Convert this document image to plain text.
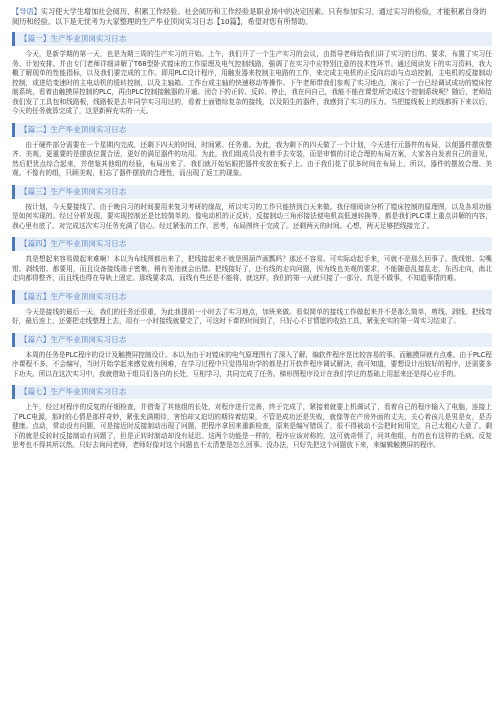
【导语】实习使大学生增加社会阅历、积累工作经验。社会阅历和工作经验是职业场中的决定因素。只有参加实习、通过实习的检验，才能积累自身的阅历和经验。以下是无忧考为大家整理的生产毕业顶岗实习日志【10篇】，希望对您有所帮助。
【篇一】生产毕业顶岗实习日志

今天，是新学期的第一天，也是为期三周的生产实习的开始。上午，我们开了一个生产实习的会议，由指导老师给我们讲了实习的目的、要求，布置了实习任务、计划安排。并由专门老师详细讲解了T68型卧式镗床的工作原理及电气控制线路，强调了在实习中应特别注意的技术性环节。通过阅读发下的实习资料，我大概了解现单的性能指标，以及我们要完成的工作。即用PLC设计程序，用触发器来控制主电路的工作，来完成主电机的正反向启动与点动控制，主电机的反接制动控制，或进给变速时的主电动机的缓转控制，以及主轴箱、工作台或主轴的快速移动等操作。下午老师带我们参观了实习地点，演示了一台已经调试成功的镗床控制系统，看着由触摸屏控制的PLC，再由PLC控制接触器的开通、闭合下的正转、反转、停止，我在问自己，我能不能在课堂所完成这个控制系统呢？随后，老师给我们发了工具包和线路板，线路板是去年同学实习用过的，看着上面错综复杂的接线，以及陌生的器件，我感到了实习的压力。当把接线板上的线都拆下来以后，今天的任务就算完成了，这是新鲜充实的一天。

【篇二】生产毕业顶岗实习日志

由于硬件部分需要在一个星期内完成，还剩下四天的时间，时间紧、任务重。为此，我为剩下的四天做了一个计划，今天进行元器件的布局，以便器件摆放整齐、美观，更重要的是摆放位置合适，更好的满足器件的功用。为此，我们组成员没有着手去安装，而是审慎的讨论合理的布局方案，大家各自发表自己的意见，然后把优点综合起来，并借鉴其他组的经验，布局出来了。我们就开始钻眼把器件安放在板子上。由于我们花了很多时间在布局上，所以，器件的摆放合理、美观。不像有的组，只顾美观，但忘了器件摆放的合理性，而出现了返工的现象。

【篇三】生产毕业顶岗实习日志

按计划，今天要接线了。由于晚自习的时间要用来复习考研的缘故，所以实习的工作只能挤到白天来做。我仔细阅读分析了镗床控制的原理图，以及各项功能是如何实现的。经过分析发现，要实现控制还是比较简单的。像电动机的正反转，反接制动三角形接法便电机高低速转换等，都是我们PLC课上重点讲解的内容，我心里有底了。对完成这次实习任务充满了信心。经过紧张的工作，思考，布局图终于完成了。还剩两天的时间。心想，两天足够把线接完了。

【篇四】生产毕业顶岗实习日志

真是想起来容易做起来难啊！本以为布线图都出来了，把线接起来不就是照葫芦画瓢吗？那还不容易。可实际动起手来，可就不是那么回事了。拨线钳、尖嘴钳、剥线钳、都要用，而且设备接线端子密集，稍有差池就会出错。把线接好了，还有线的走向问题，因为线也美观的要求，不能随意乱接乱走，东西走向，南北走向都得整齐，而且线也得在导轨上固定。那线要求高，而线有些还是不能将，就这样，我们的第一天就只接了一部分。真是不做事，不知道事情的难。

【篇五】生产毕业顶岗实习日志

今天是接线的最后一天，我们的任务还很重，为此我提前一小时去了实习地点，加班来做。看似简单的接线工作做起来并不是那么简单，剪线、剥线、把线弯好，最后连上，还要把走线整理上去，用有一小时接线就要完了，可这时下课的时间到了，只好心不甘情愿的收拾工具，紧张充实的第一周实习结束了。

【篇六】生产毕业顶岗实习日志

本周的任务是PLC程序的设计及触摸屏控制设计。本以为由于对镗床的电气原理图有了深入了解，编软件程序是比较容易的事。而触摸屏就有点难。由于PLC程序课程不多，不会编写，当时开始学起来感觉就有困难，在学习过程中只觉得用功学的都是打开软件程序调试解决，我可知道，要想设计出较好的程序，还需要多下功夫。所以在这次实习中，我就借助于组员们各自的长处，互相学习，共同完成了任务。梯形图程序设计在我们学过的基础上用起来还是得心应手的。

【篇七】生产毕业顶岗实习日志

上午，经过对程序的反复的仔细检查，并借鉴了其他组的长处，对程序进行完善，终于完成了，紧接着就要上机调试了，看着自己的程序输入了电脑，连接上了PLC电源，那时的心情是那样奇妙，紧张充满期待，害怕却又迫切的期待着结果，不管是成功还是失败，就像等在产房外面的丈夫，关心着孩儿是男是女，是否健康。点动，常动没有问题，可是接近时反接制动出现了问题，把程序拿回来重新检查，原来是编写错误了，很不得被动不会把时间用完，自己太粗心大意了。剩下的就是反转时反接制动有问题了，但是正转时制动却没有延迟。这两个功能是一样的，程序应该对称的，这可就奇怪了，问其他组，有的也有这样的毛病。反复思考也不得其所以然。只好去询问老师，老师好像对这个问题也不太清楚是怎么回事。没办法，只好先把这个问题放下来，来编辑触摸屏的程序。
